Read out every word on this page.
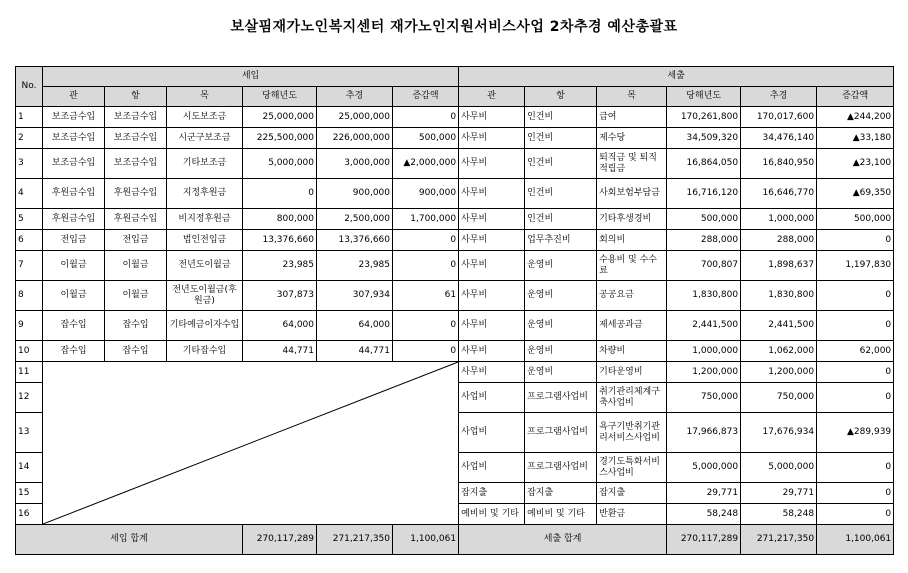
보살핌재가노인복지센터 재가노인지원서비스사업 2차추경 예산총괄표
No.	세입						세출					
	관	항	목	당해년도	추경	증감액	관	항	목	당해년도	추경	증감액
1	보조금수입	보조금수입	시도보조금	25,000,000	25,000,000	0	사무비	인건비	급여	170,261,800	170,017,600	▲244,200
2	보조금수입	보조금수입	시군구보조금	225,500,000	226,000,000	500,000	사무비	인건비	제수당	34,509,320	34,476,140	▲33,180
3	보조금수입	보조금수입	기타보조금	5,000,000	3,000,000	▲2,000,000	사무비	인건비	퇴직금 및 퇴직적립금	16,864,050	16,840,950	▲23,100
4	후원금수입	후원금수입	지정후원금	0	900,000	900,000	사무비	인건비	사회보험부담금	16,716,120	16,646,770	▲69,350
5	후원금수입	후원금수입	비지정후원금	800,000	2,500,000	1,700,000	사무비	인건비	기타후생경비	500,000	1,000,000	500,000
6	전입금	전입금	법인전입금	13,376,660	13,376,660	0	사무비	업무추진비	회의비	288,000	288,000	0
7	이월금	이월금	전년도이월금	23,985	23,985	0	사무비	운영비	수용비 및 수수료	700,807	1,898,637	1,197,830
8	이월금	이월금	전년도이월금(후원금)	307,873	307,934	61	사무비	운영비	공공요금	1,830,800	1,830,800	0
9	잡수입	잡수입	기타예금이자수입	64,000	64,000	0	사무비	운영비	제세공과금	2,441,500	2,441,500	0
10	잡수입	잡수입	기타잡수입	44,771	44,771	0	사무비	운영비	차량비	1,000,000	1,062,000	62,000
11							사무비	운영비	기타운영비	1,200,000	1,200,000	0
12							사업비	프로그램사업비	취기관리체계구축사업비	750,000	750,000	0
13							사업비	프로그램사업비	욕구기반취기관리서비스사업비	17,966,873	17,676,934	▲289,939
14							사업비	프로그램사업비	경기도특화서비스사업비	5,000,000	5,000,000	0
15							잡지출	잡지출	잡지출	29,771	29,771	0
16							예비비 및 기타	예비비 및 기타	반환금	58,248	58,248	0
세입 합계				270,117,289	271,217,350	1,100,061	세출 합계			270,117,289	271,217,350	1,100,061
